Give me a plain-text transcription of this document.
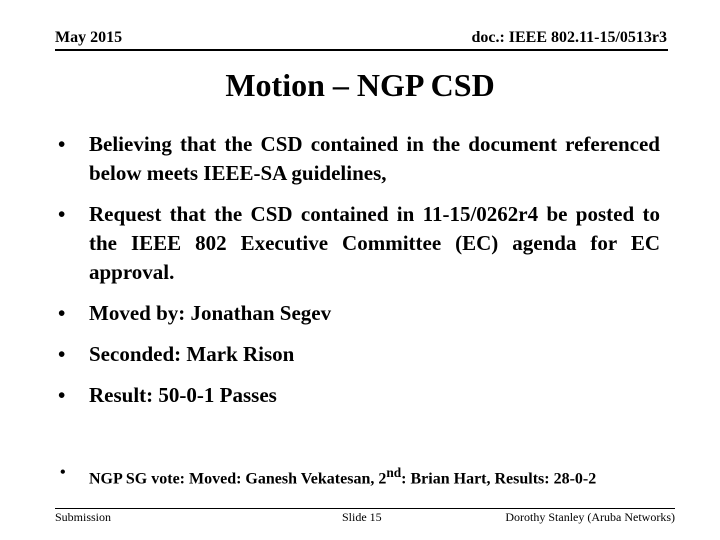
May 2015	doc.: IEEE 802.11-15/0513r3
Motion – NGP CSD
• Believing that the CSD contained in the document referenced below meets IEEE-SA guidelines,
• Request that the CSD contained in 11-15/0262r4 be posted to the IEEE 802 Executive Committee (EC) agenda for EC approval.
• Moved by: Jonathan Segev
• Seconded: Mark Rison
• Result: 50-0-1 Passes
• NGP SG vote: Moved: Ganesh Vekatesan, 2nd: Brian Hart, Results: 28-0-2
Submission	Slide 15	Dorothy Stanley (Aruba Networks)
